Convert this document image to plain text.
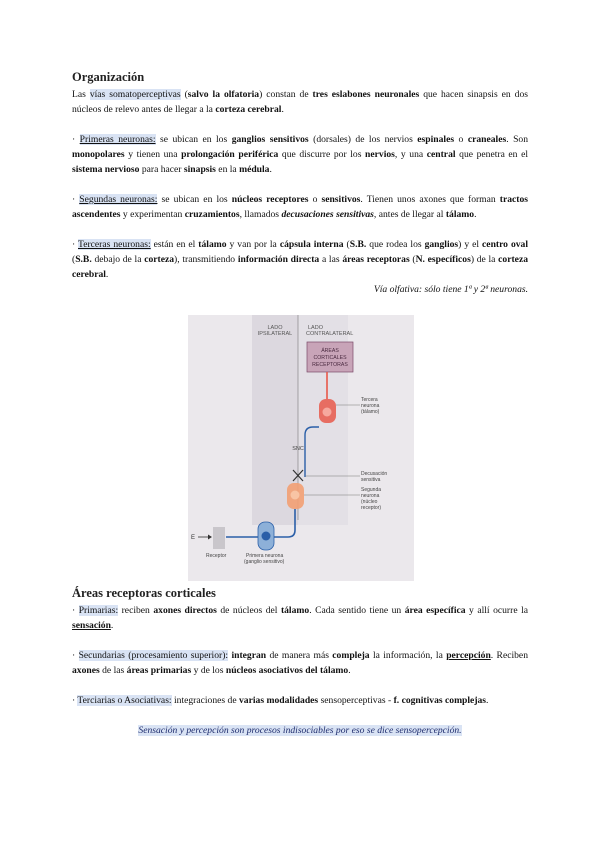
Organización

Las vías somatoperceptivas (salvo la olfatoria) constan de tres eslabones neuronales que hacen sinapsis en dos núcleos de relevo antes de llegar a la corteza cerebral.

· Primeras neuronas: se ubican en los ganglios sensitivos (dorsales) de los nervios espinales o craneales. Son monopolares y tienen una prolongación periférica que discurre por los nervios, y una central que penetra en el sistema nervioso para hacer sinapsis en la médula.

· Segundas neuronas: se ubican en los núcleos receptores o sensitivos. Tienen unos axones que forman tractos ascendentes y experimentan cruzamientos, llamados decusaciones sensitivas, antes de llegar al tálamo.

· Terceras neuronas: están en el tálamo y van por la cápsula interna (S.B. que rodea los ganglios) y el centro oval (S.B. debajo de la corteza), transmitiendo información directa a las áreas receptoras (N. específicos) de la corteza cerebral.

Vía olfativa: sólo tiene 1ª y 2ª neuronas.

Áreas receptoras corticales

· Primarias: reciben axones directos de núcleos del tálamo. Cada sentido tiene un área específica y allí ocurre la sensación.

· Secundarias (procesamiento superior): integran de manera más compleja la información, la percepción. Reciben axones de las áreas primarias y de los núcleos asociativos del tálamo.

· Terciarias o Asociativas: integraciones de varias modalidades sensoperceptivas - f. cognitivas complejas.

Sensación y percepción son procesos indisociables por eso se dice sensopercepción.

LADO
IPSILATERAL
LADO
CONTRALATERAL
ÁREAS
CORTICALES
RECEPTORAS
Tercera
neurona
(tálamo)
SNC
Decusación
sensitiva
Segunda
neurona
(núcleo
receptor)
E
Receptor	Primera neurona
(ganglio sensitivo)
